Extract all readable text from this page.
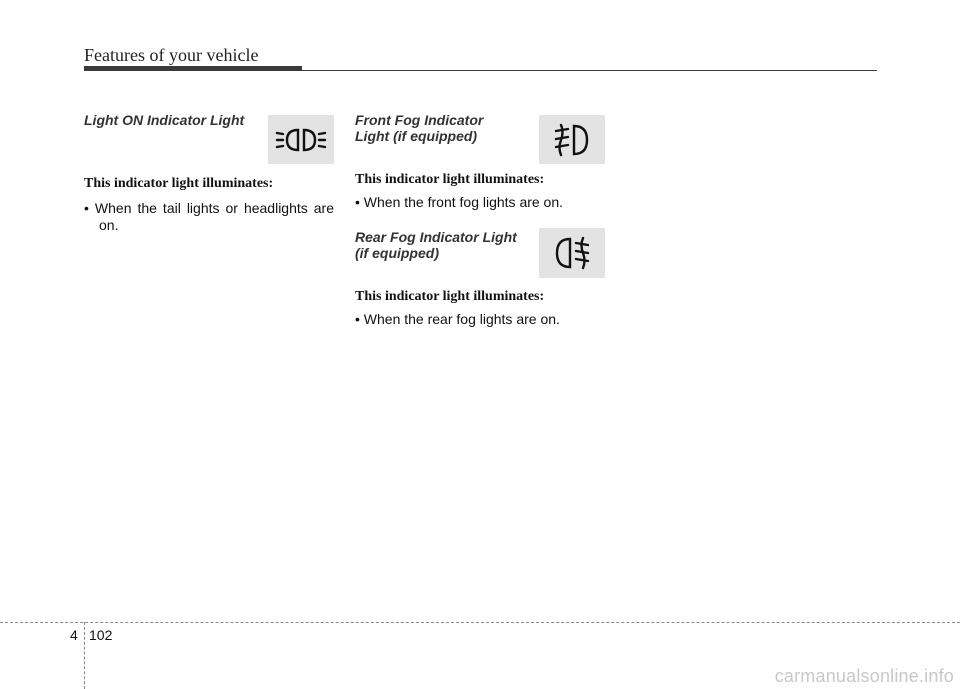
Features of your vehicle
Light ON Indicator Light

This indicator light illuminates:

• When the tail lights or headlights are on.

Front Fog Indicator
Light (if equipped)

This indicator light illuminates:

• When the front fog lights are on.

Rear Fog Indicator Light
(if equipped)

This indicator light illuminates:

• When the rear fog lights are on.

4 102
carmanualsonline.info
